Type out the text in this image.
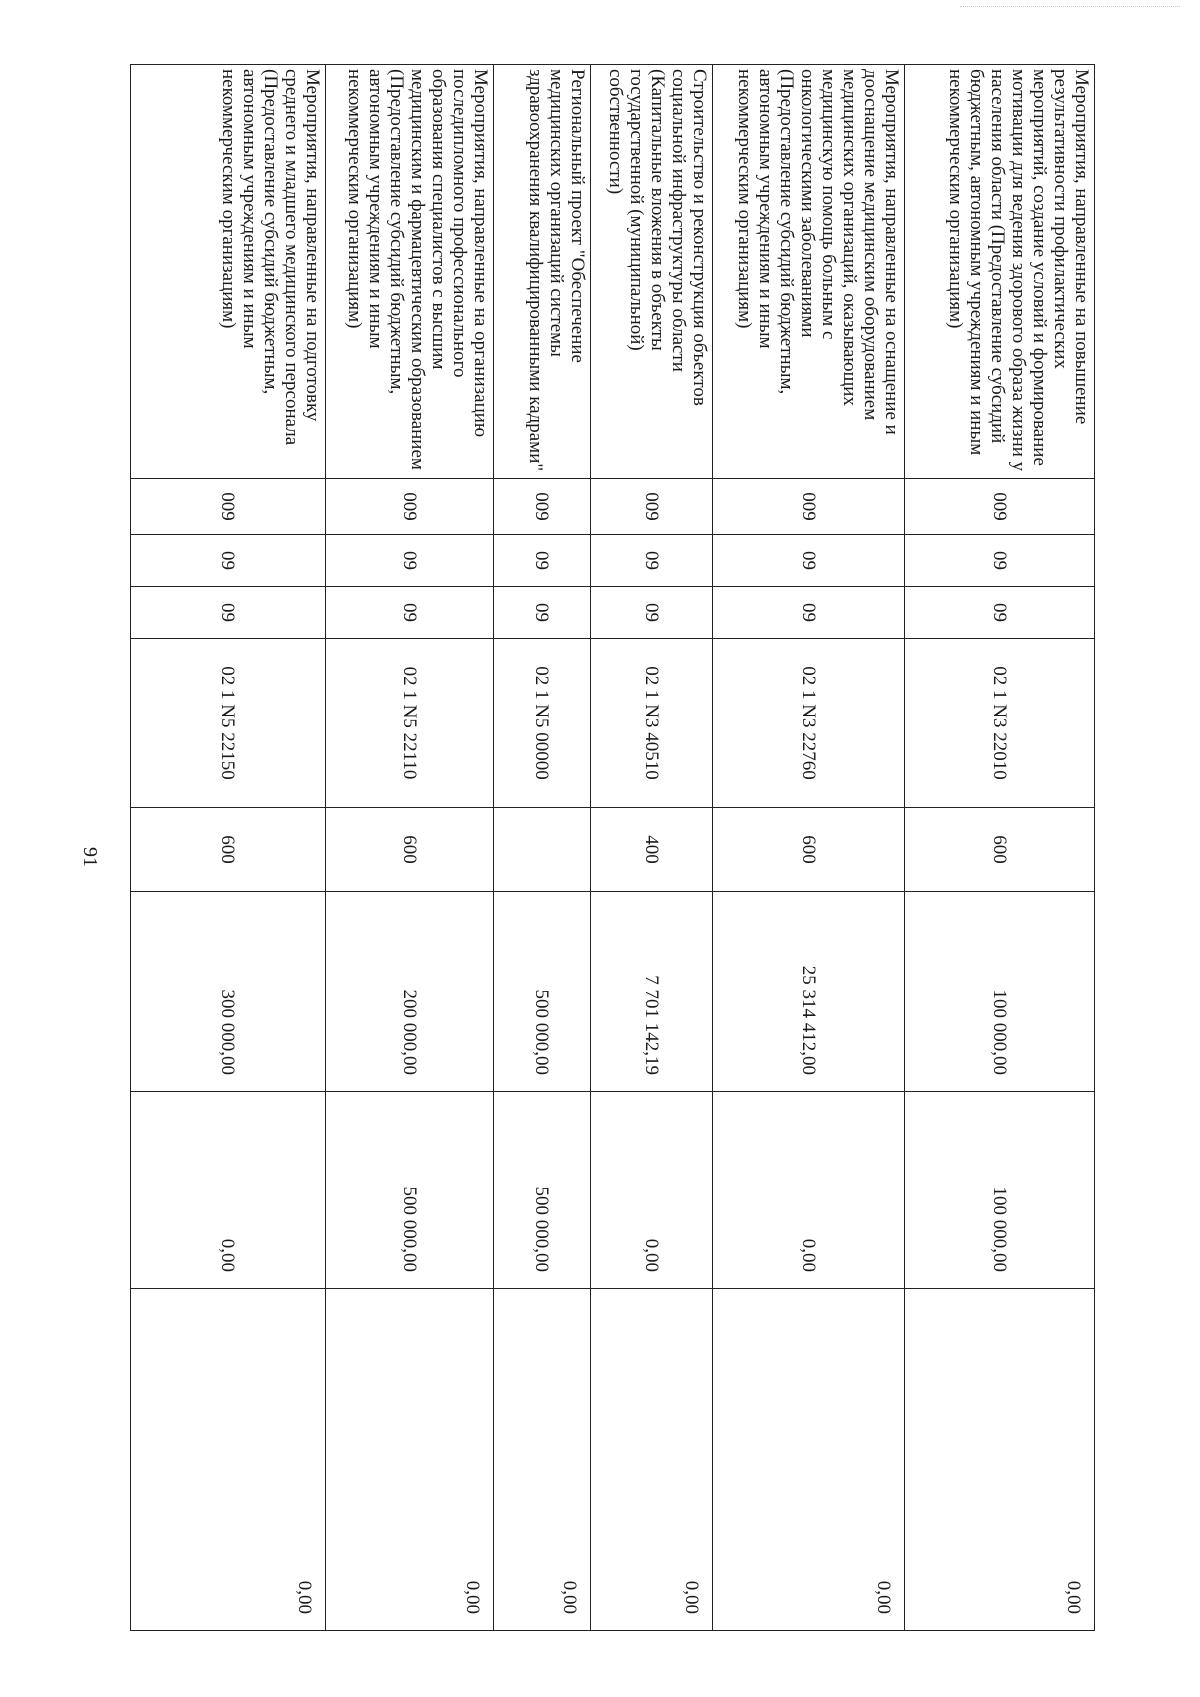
91
Мероприятия, направленные на повышение результативности профилактических мероприятий, создание условий и формирование мотивации для ведения здорового образа жизни у населения области (Предоставление субсидий бюджетным, автономным учреждениям и иным некоммерческим организациям)	009	09	09	02 1 N3 22010	600	100 000,00	100 000,00	0,00
Мероприятия, направленные на оснащение и дооснащение медицинским оборудованием медицинских организаций, оказывающих медицинскую помощь больным с онкологическими заболеваниями (Предоставление субсидий бюджетным, автономным учреждениям и иным некоммерческим организациям)	009	09	09	02 1 N3 22760	600	25 314 412,00	0,00	0,00
Строительство и реконструкция объектов социальной инфраструктуры области (Капитальные вложения в объекты государственной (муниципальной) собственности)	009	09	09	02 1 N3 40510	400	7 701 142,19	0,00	0,00
Региональный проект "Обеспечение медицинских организаций системы здравоохранения квалифицированными кадрами"	009	09	09	02 1 N5 00000		500 000,00	500 000,00	0,00
Мероприятия, направленные на организацию последипломного профессионального образования специалистов с высшим медицинским и фармацевтическим образованием (Предоставление субсидий бюджетным, автономным учреждениям и иным некоммерческим организациям)	009	09	09	02 1 N5 22110	600	200 000,00	500 000,00	0,00
Мероприятия, направленные на подготовку среднего и младшего медицинского персонала (Предоставление субсидий бюджетным, автономным учреждениям и иным некоммерческим организациям)	009	09	09	02 1 N5 22150	600	300 000,00	0,00	0,00
